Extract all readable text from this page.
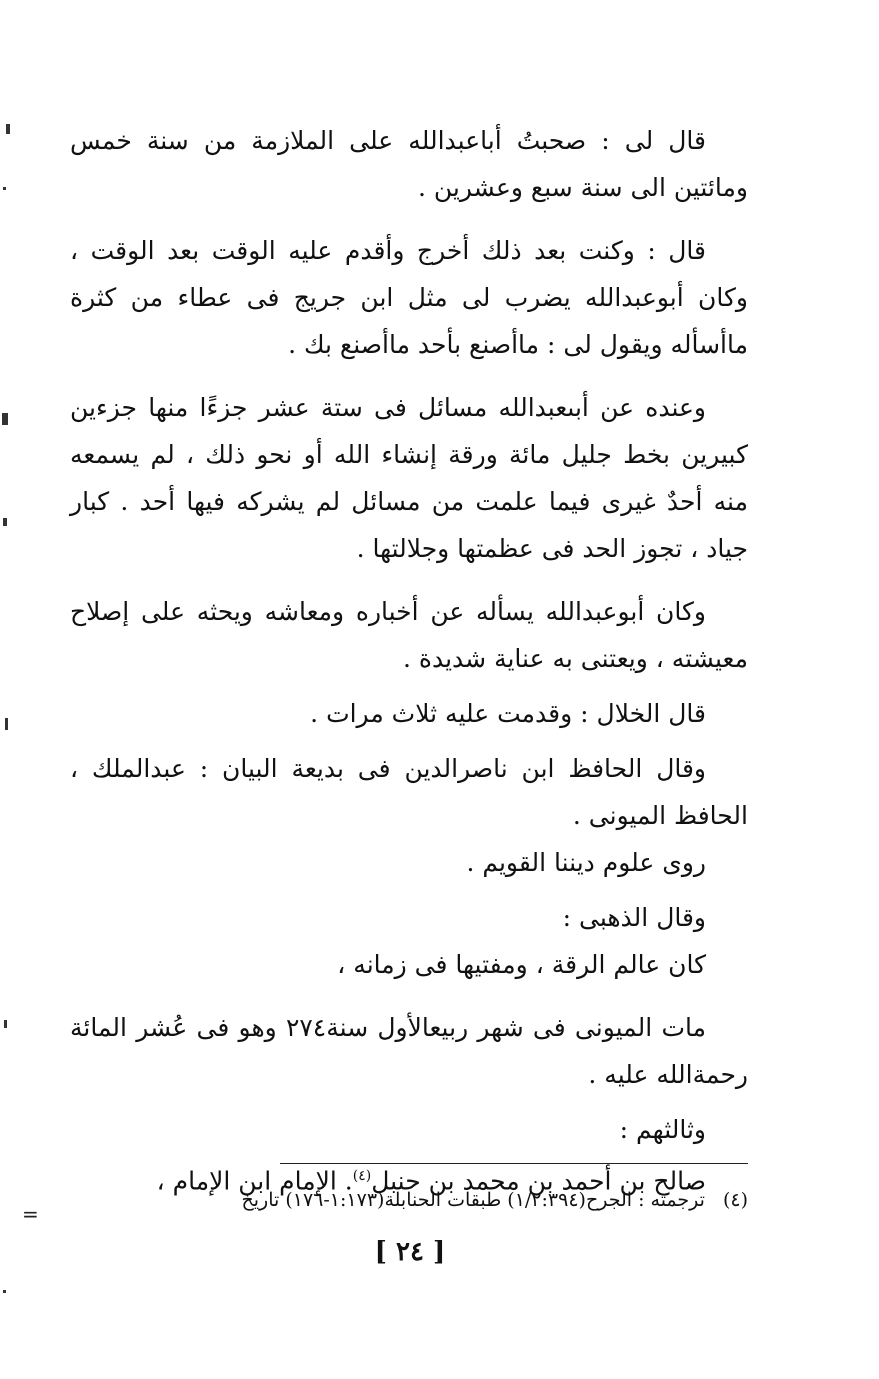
قال لى : صحبتُ أباعبدالله على الملازمة من سنة خمس ومائتين الى سنة سبع وعشرين .

قال : وكنت بعد ذلك أخرج وأقدم عليه الوقت بعد الوقت ، وكان أبوعبدالله يضرب لى مثل ابن جريج فى عطاء من كثرة ماأسأله ويقول لى : ماأصنع بأحد ماأصنع بك .

وعنده عن أبىعبدالله مسائل فى ستة عشر جزءًا منها جزءين كبيرين بخط جليل مائة ورقة إنشاء الله أو نحو ذلك ، لم يسمعه منه أحدٌ غيرى فيما علمت من مسائل لم يشركه فيها أحد . كبار جياد ، تجوز الحد فى عظمتها وجلالتها .

وكان أبوعبدالله يسأله عن أخباره ومعاشه ويحثه على إصلاح معيشته ، ويعتنى به عناية شديدة .

قال الخلال : وقدمت عليه ثلاث مرات .

وقال الحافظ ابن ناصرالدين فى بديعة البيان : عبدالملك ، الحافظ الميونى .

روى علوم ديننا القويم .

وقال الذهبى :

كان عالم الرقة ، ومفتيها فى زمانه ،

مات الميونى فى شهر ربيعالأول سنة٢٧٤ وهو فى عُشر المائة رحمةالله عليه .

وثالثهم :

صالح بن أحمد بن محمد بن حنبل$^{(٤)}$. الإمام ابن الإمام ،

(٤)ترجمته : الجرح(١/٢:٣٩٤) طبقات الحنابلة(١:١٧٣-١٧٦) تاريخ
[ ٢٤ ]
=
